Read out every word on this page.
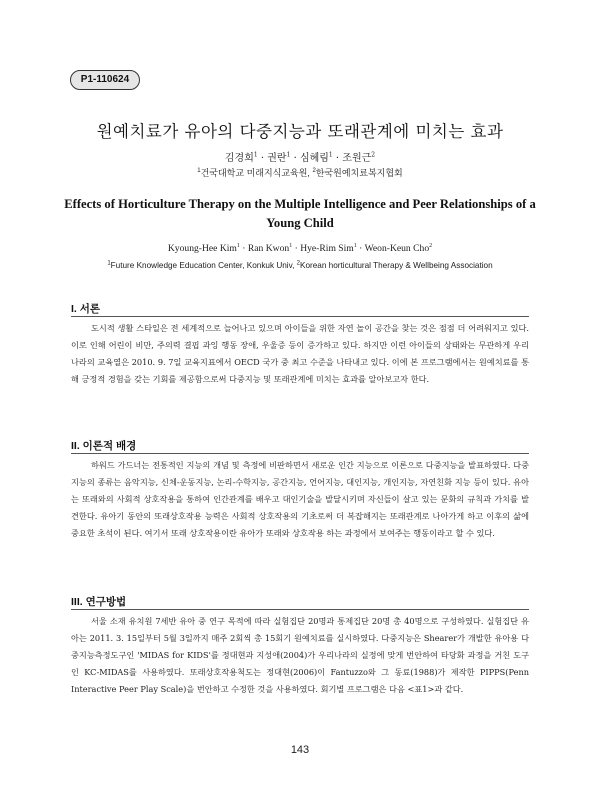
P1-110624
원예치료가 유아의 다중지능과 또래관계에 미치는 효과
김경희$^1$ · 권란$^1$ · 심혜림$^1$ · 조원근$^2$
$^1$건국대학교 미래지식교육원, $^2$한국원예치료복지협회
Effects of Horticulture Therapy on the Multiple Intelligence and Peer Relationships of a Young Child
Kyoung-Hee Kim$^1$ · Ran Kwon$^1$ · Hye-Rim Sim$^1$ · Weon-Keun Cho$^2$
$^1$Future Knowledge Education Center, Konkuk Univ, $^2$Korean horticultural Therapy & Wellbeing Association
I. 서론

도시적 생활 스타일은 전 세계적으로 늘어나고 있으며 아이들을 위한 자연 놀이 공간을 찾는 것은 점점 더 어려워지고 있다. 이로 인해 어린이 비만, 주의력 결핍 과잉 행동 장애, 우울증 등이 증가하고 있다. 하지만 이런 아이들의 상태와는 무관하게 우리나라의 교육열은 2010. 9. 7일 교육지표에서 OECD 국가 중 최고 수준을 나타내고 있다. 이에 본 프로그램에서는 원예치료를 통해 긍정적 경험을 갖는 기회를 제공함으로써 다중지능 및 또래관계에 미치는 효과를 알아보고자 한다.

II. 이론적 배경

하워드 가드너는 전통적인 지능의 개념 및 측정에 비판하면서 새로운 인간 지능으로 이론으로 다중지능을 발표하였다. 다중지능의 종류는 음악지능, 신체-운동지능, 논리-수학지능, 공간지능, 언어지능, 대인지능, 개인지능, 자연친화 지능 등이 있다. 유아는 또래와의 사회적 상호작용을 통하여 인간관계를 배우고 대인기술을 발달시키며 자신들이 살고 있는 문화의 규칙과 가치를 발견한다. 유아기 동안의 또래상호작용 능력은 사회적 상호작용의 기초로써 더 복잡해지는 또래관계로 나아가게 하고 이후의 삶에 중요한 초석이 된다. 여기서 또래 상호작용이란 유아가 또래와 상호작용 하는 과정에서 보여주는 행동이라고 할 수 있다.

III. 연구방법

서울 소재 유치원 7세반 유아 중 연구 목적에 따라 실험집단 20명과 통제집단 20명 총 40명으로 구성하였다. 실험집단 유아는 2011. 3. 15일부터 5월 3일까지 매주 2회씩 총 15회기 원예치료를 실시하였다. 다중지능은 Shearer가 개발한 유아용 다중지능측정도구인 'MIDAS for KIDS'를 정대현과 지성애(2004)가 우리나라의 실정에 맞게 번안하여 타당화 과정을 거친 도구인 KC-MIDAS를 사용하였다. 또래상호작용척도는 정대현(2006)이 Fantuzzo와 그 동료(1988)가 제작한 PIPPS(Penn Interactive Peer Play Scale)을 번안하고 수정한 것을 사용하였다. 회기별 프로그램은 다음 <표1>과 같다.

143
